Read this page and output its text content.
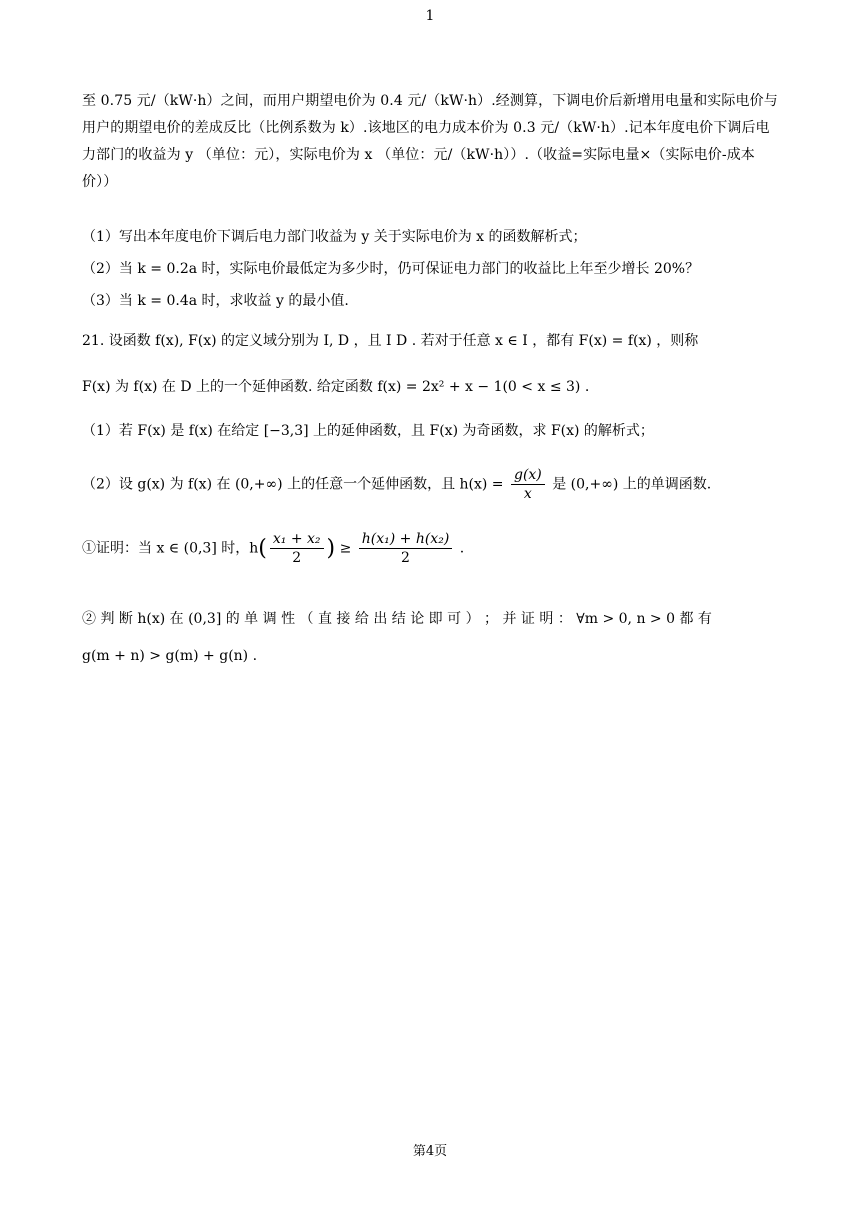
1
至 0.75 元/（kW·h）之间，而用户期望电价为 0.4 元/（kW·h）.经测算，下调电价后新增用电量和实际电价与用户的期望电价的差成反比（比例系数为 k）.该地区的电力成本价为 0.3 元/（kW·h）.记本年度电价下调后电力部门的收益为 y （单位：元），实际电价为 x （单位：元/（kW·h））.（收益=实际电量×（实际电价-成本价））
（1）写出本年度电价下调后电力部门收益为 y 关于实际电价为 x 的函数解析式；
（2）当 k = 0.2a 时，实际电价最低定为多少时，仍可保证电力部门的收益比上年至少增长 20%？
（3）当 k = 0.4a 时，求收益 y 的最小值.
21. 设函数 f(x), F(x) 的定义域分别为 I, D ，且 I D . 若对于任意 x ∈ I ，都有 F(x) = f(x) ，则称
F(x) 为 f(x) 在 D 上的一个延伸函数. 给定函数 f(x) = 2x² + x − 1(0 < x ≤ 3) .
（1）若 F(x) 是 f(x) 在给定 [−3,3] 上的延伸函数，且 F(x) 为奇函数，求 F(x) 的解析式；
（2）设 g(x) 为 f(x) 在 (0,+∞) 上的任意一个延伸函数，且 $h(x) = \frac{g(x)}{x}$ 是 (0,+∞) 上的单调函数.
①证明：当 x ∈ (0,3] 时，$h( \frac{\text{x₁ + x₂}}{2}$ ) ≥ $\frac{\text{h(x₁) + h(x₂)}}{2}$ .
② 判 断 h(x) 在 (0,3] 的 单 调 性 （ 直 接 给 出 结 论 即 可 ） ； 并 证 明 ： ∀m > 0, n > 0 都 有
g(m + n) > g(m) + g(n) .
第4页
